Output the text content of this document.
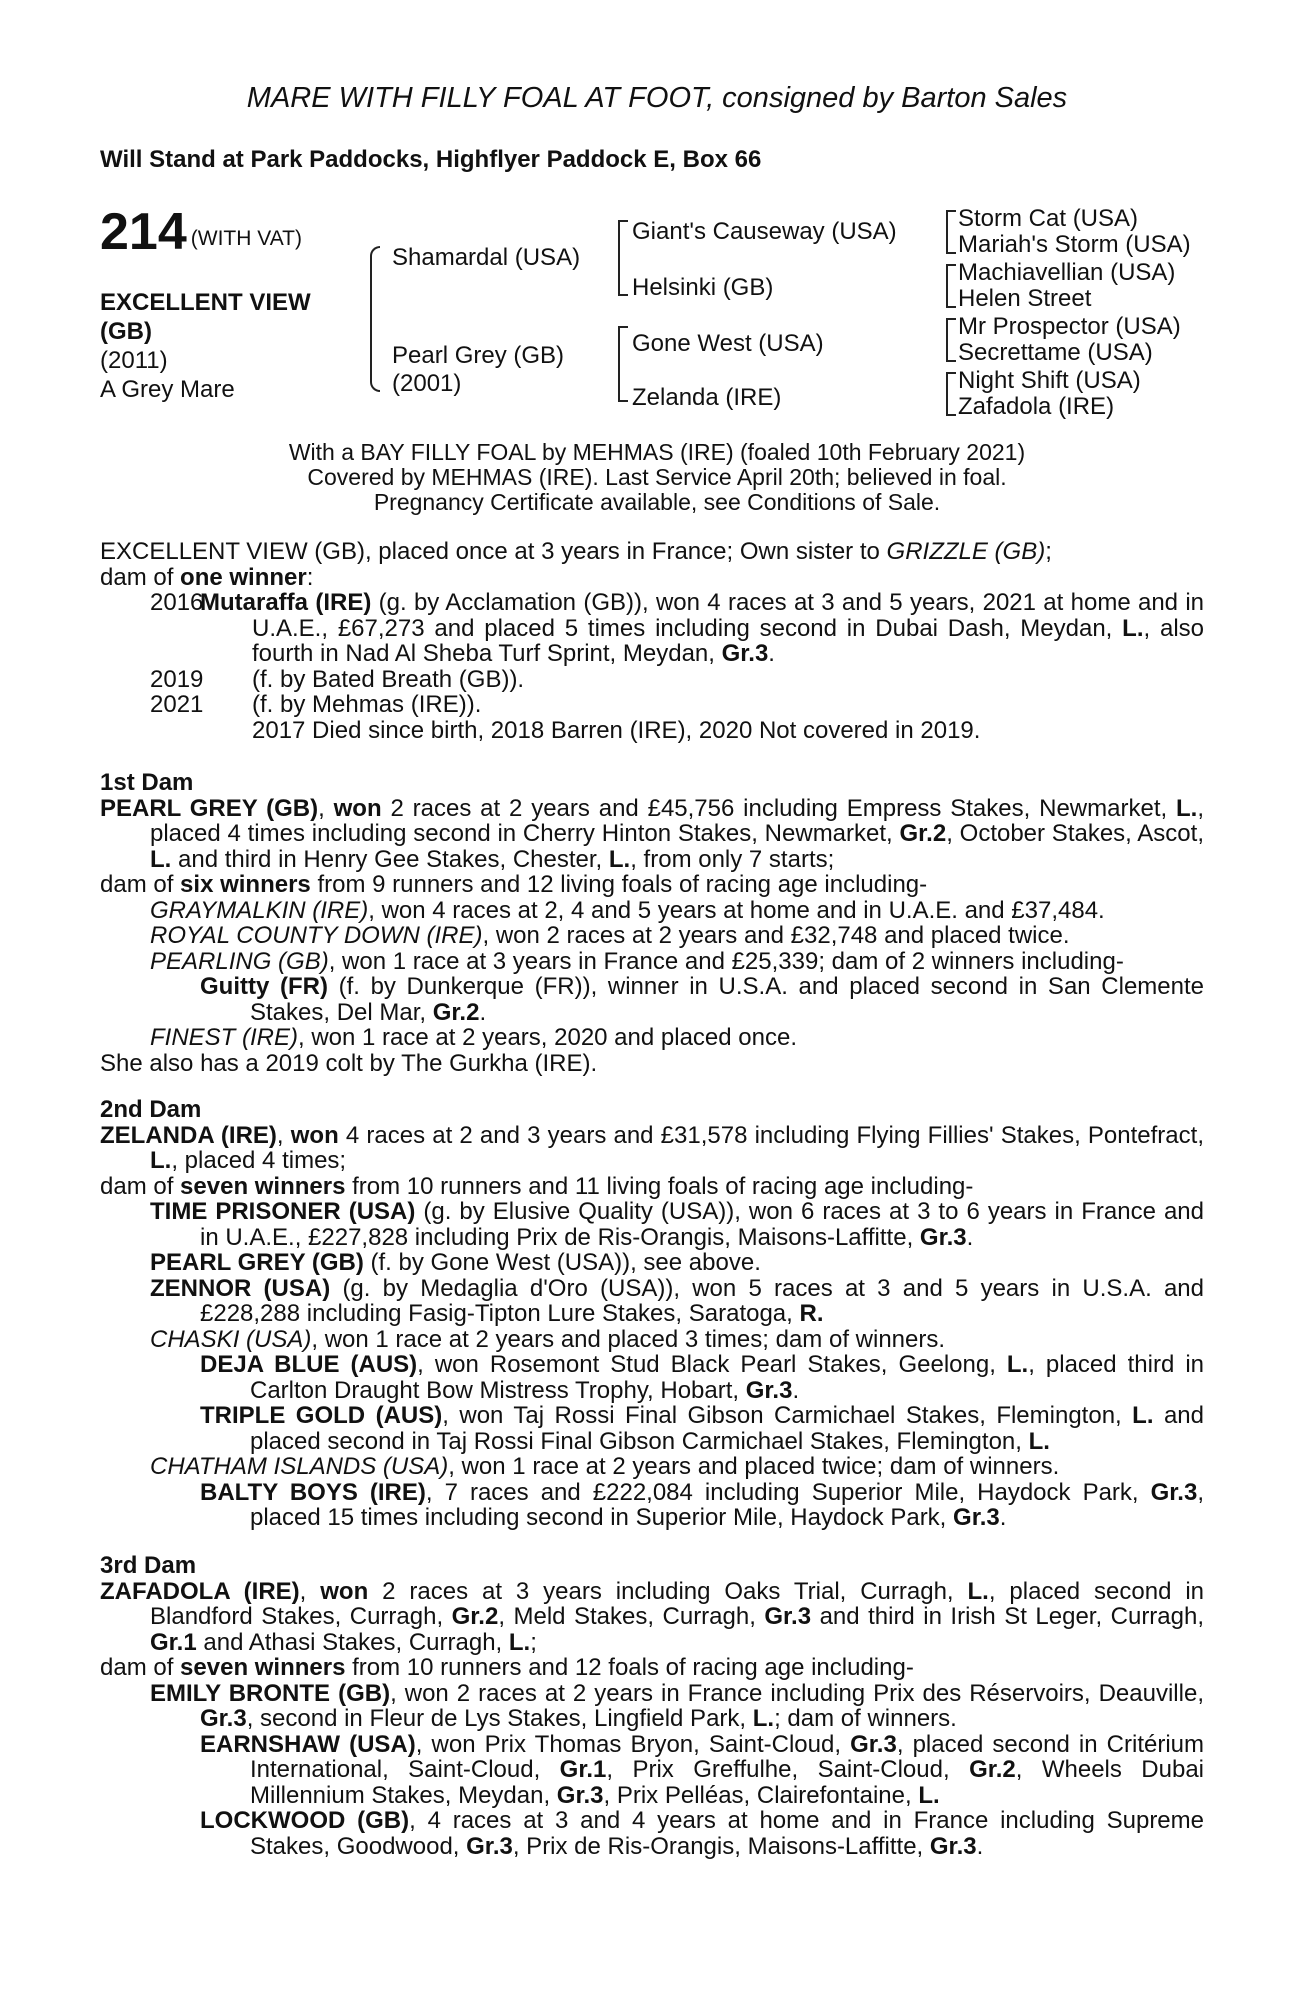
MARE WITH FILLY FOAL AT FOOT, consigned by Barton Sales
Will Stand at Park Paddocks, Highflyer Paddock E, Box 66
214 (WITH VAT)
EXCELLENT VIEW
(GB)
(2011)
A Grey Mare
Shamardal (USA)
Pearl Grey (GB)
(2001)
Giant's Causeway (USA)
Helsinki (GB)
Gone West (USA)
Zelanda (IRE)
Storm Cat (USA)
Mariah's Storm (USA)
Machiavellian (USA)
Helen Street
Mr Prospector (USA)
Secrettame (USA)
Night Shift (USA)
Zafadola (IRE)
With a BAY FILLY FOAL by MEHMAS (IRE) (foaled 10th February 2021)
Covered by MEHMAS (IRE). Last Service April 20th; believed in foal.
Pregnancy Certificate available, see Conditions of Sale.

EXCELLENT VIEW (GB), placed once at 3 years in France; Own sister to GRIZZLE (GB);

dam of one winner:

2016

Mutaraffa (IRE) (g. by Acclamation (GB)), won 4 races at 3 and 5 years, 2021 at home and in U.A.E., £67,273 and placed 5 times including second in Dubai Dash, Meydan, L., also fourth in Nad Al Sheba Turf Sprint, Meydan, Gr.3.

2019 (f. by Bated Breath (GB)).

2021 (f. by Mehmas (IRE)).

2017 Died since birth, 2018 Barren (IRE), 2020 Not covered in 2019.

1st Dam

PEARL GREY (GB), won 2 races at 2 years and £45,756 including Empress Stakes, Newmarket, L., placed 4 times including second in Cherry Hinton Stakes, Newmarket, Gr.2, October Stakes, Ascot, L. and third in Henry Gee Stakes, Chester, L., from only 7 starts;

dam of six winners from 9 runners and 12 living foals of racing age including-

GRAYMALKIN (IRE), won 4 races at 2, 4 and 5 years at home and in U.A.E. and £37,484.

ROYAL COUNTY DOWN (IRE), won 2 races at 2 years and £32,748 and placed twice.

PEARLING (GB), won 1 race at 3 years in France and £25,339; dam of 2 winners including-

Guitty (FR) (f. by Dunkerque (FR)), winner in U.S.A. and placed second in San Clemente Stakes, Del Mar, Gr.2.

FINEST (IRE), won 1 race at 2 years, 2020 and placed once.

She also has a 2019 colt by The Gurkha (IRE).

2nd Dam

ZELANDA (IRE), won 4 races at 2 and 3 years and £31,578 including Flying Fillies' Stakes, Pontefract, L., placed 4 times;

dam of seven winners from 10 runners and 11 living foals of racing age including-

TIME PRISONER (USA) (g. by Elusive Quality (USA)), won 6 races at 3 to 6 years in France and in U.A.E., £227,828 including Prix de Ris-Orangis, Maisons-Laffitte, Gr.3.

PEARL GREY (GB) (f. by Gone West (USA)), see above.

ZENNOR (USA) (g. by Medaglia d'Oro (USA)), won 5 races at 3 and 5 years in U.S.A. and £228,288 including Fasig-Tipton Lure Stakes, Saratoga, R.

CHASKI (USA), won 1 race at 2 years and placed 3 times; dam of winners.

DEJA BLUE (AUS), won Rosemont Stud Black Pearl Stakes, Geelong, L., placed third in Carlton Draught Bow Mistress Trophy, Hobart, Gr.3.

TRIPLE GOLD (AUS), won Taj Rossi Final Gibson Carmichael Stakes, Flemington, L. and placed second in Taj Rossi Final Gibson Carmichael Stakes, Flemington, L.

CHATHAM ISLANDS (USA), won 1 race at 2 years and placed twice; dam of winners.

BALTY BOYS (IRE), 7 races and £222,084 including Superior Mile, Haydock Park, Gr.3, placed 15 times including second in Superior Mile, Haydock Park, Gr.3.

3rd Dam

ZAFADOLA (IRE), won 2 races at 3 years including Oaks Trial, Curragh, L., placed second in Blandford Stakes, Curragh, Gr.2, Meld Stakes, Curragh, Gr.3 and third in Irish St Leger, Curragh, Gr.1 and Athasi Stakes, Curragh, L.;

dam of seven winners from 10 runners and 12 foals of racing age including-

EMILY BRONTE (GB), won 2 races at 2 years in France including Prix des Réservoirs, Deauville, Gr.3, second in Fleur de Lys Stakes, Lingfield Park, L.; dam of winners.

EARNSHAW (USA), won Prix Thomas Bryon, Saint-Cloud, Gr.3, placed second in Critérium International, Saint-Cloud, Gr.1, Prix Greffulhe, Saint-Cloud, Gr.2, Wheels Dubai Millennium Stakes, Meydan, Gr.3, Prix Pelléas, Clairefontaine, L.

LOCKWOOD (GB), 4 races at 3 and 4 years at home and in France including Supreme Stakes, Goodwood, Gr.3, Prix de Ris-Orangis, Maisons-Laffitte, Gr.3.
